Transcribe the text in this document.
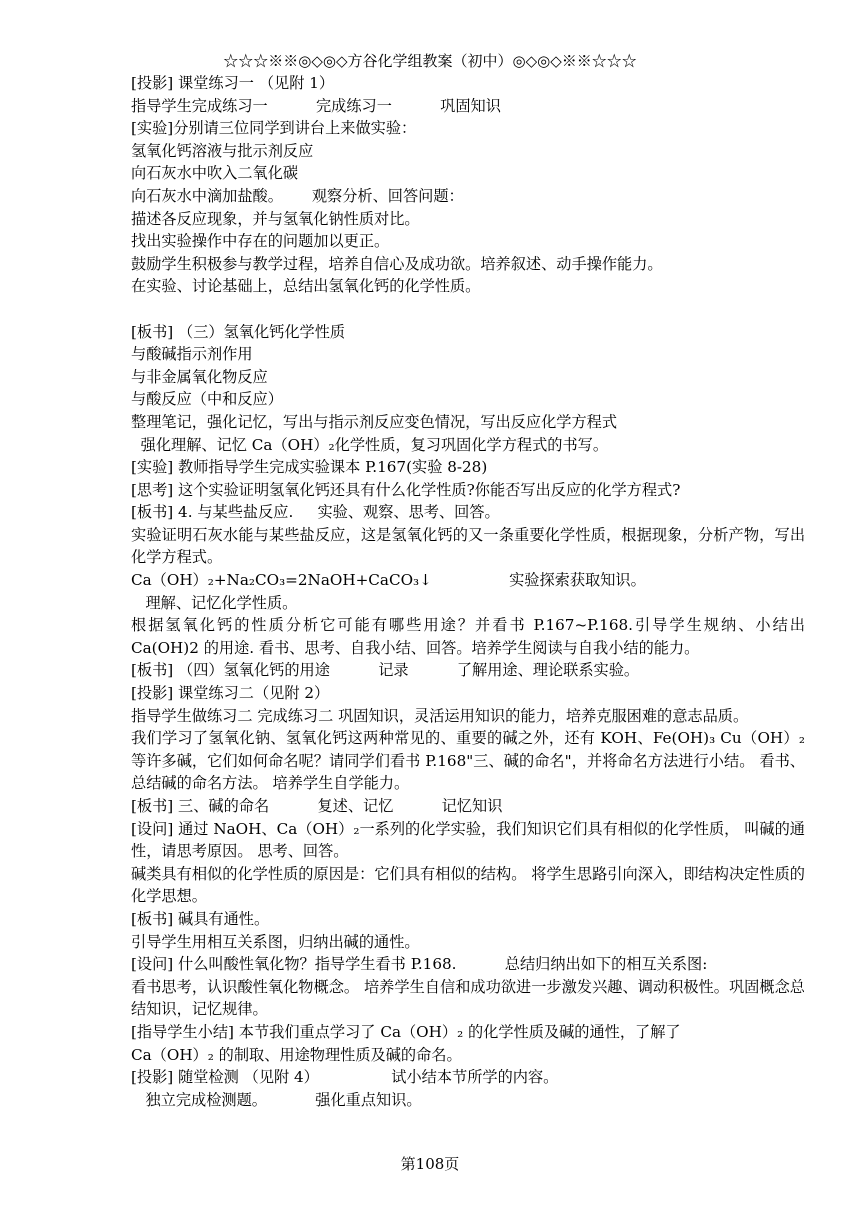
☆☆☆※※◎◇◎◇方谷化学组教案（初中）◎◇◎◇※※☆☆☆
[投影] 课堂练习一 （见附 1）
指导学生完成练习一          完成练习一          巩固知识
[实验]分别请三位同学到讲台上来做实验：
氢氧化钙溶液与批示剂反应
向石灰水中吹入二氧化碳
向石灰水中滴加盐酸。      观察分析、回答问题：
描述各反应现象，并与氢氧化钠性质对比。
找出实验操作中存在的问题加以更正。
鼓励学生积极参与教学过程，培养自信心及成功欲。培养叙述、动手操作能力。
在实验、讨论基础上，总结出氢氧化钙的化学性质。
[板书] （三）氢氧化钙化学性质
与酸碱指示剂作用
与非金属氧化物反应
与酸反应（中和反应）
整理笔记，强化记忆，写出与指示剂反应变色情况，写出反应化学方程式
强化理解、记忆 Ca（OH）₂化学性质，复习巩固化学方程式的书写。
[实验] 教师指导学生完成实验课本 P.167(实验 8-28)
[思考] 这个实验证明氢氧化钙还具有什么化学性质?你能否写出反应的化学方程式?
[板书] 4. 与某些盐反应.     实验、观察、思考、回答。
实验证明石灰水能与某些盐反应，这是氢氧化钙的又一条重要化学性质，根据现象，分析产物，写出化学方程式。
Ca（OH）₂+Na₂CO₃=2NaOH+CaCO₃↓                实验探索获取知识。
理解、记忆化学性质。
根据氢氧化钙的性质分析它可能有哪些用途？并看书 P.167~P.168.引导学生规纳、小结出 Ca(OH)2 的用途. 看书、思考、自我小结、回答。培养学生阅读与自我小结的能力。
[板书] （四）氢氧化钙的用途          记录          了解用途、理论联系实验。
[投影] 课堂练习二（见附 2）
指导学生做练习二 完成练习二 巩固知识，灵活运用知识的能力，培养克服困难的意志品质。
我们学习了氢氧化钠、氢氧化钙这两种常见的、重要的碱之外，还有 KOH、Fe(OH)₃ Cu（OH）₂ 等许多碱，它们如何命名呢？请同学们看书 P.168"三、碱的命名"，并将命名方法进行小结。 看书、总结碱的命名方法。 培养学生自学能力。
[板书] 三、碱的命名          复述、记忆          记忆知识
[设问] 通过 NaOH、Ca（OH）₂一系列的化学实验，我们知识它们具有相似的化学性质， 叫碱的通性，请思考原因。 思考、回答。
碱类具有相似的化学性质的原因是：它们具有相似的结构。 将学生思路引向深入，即结构决定性质的化学思想。
[板书] 碱具有通性。
引导学生用相互关系图，归纳出碱的通性。
[设问] 什么叫酸性氧化物？指导学生看书 P.168.          总结归纳出如下的相互关系图:
看书思考，认识酸性氧化物概念。 培养学生自信和成功欲进一步激发兴趣、调动积极性。巩固概念总结知识，记忆规律。
[指导学生小结] 本节我们重点学习了 Ca（OH）₂ 的化学性质及碱的通性，了解了
Ca（OH）₂ 的制取、用途物理性质及碱的命名。
[投影] 随堂检测 （见附 4）               试小结本节所学的内容。
独立完成检测题。          强化重点知识。
第108页
